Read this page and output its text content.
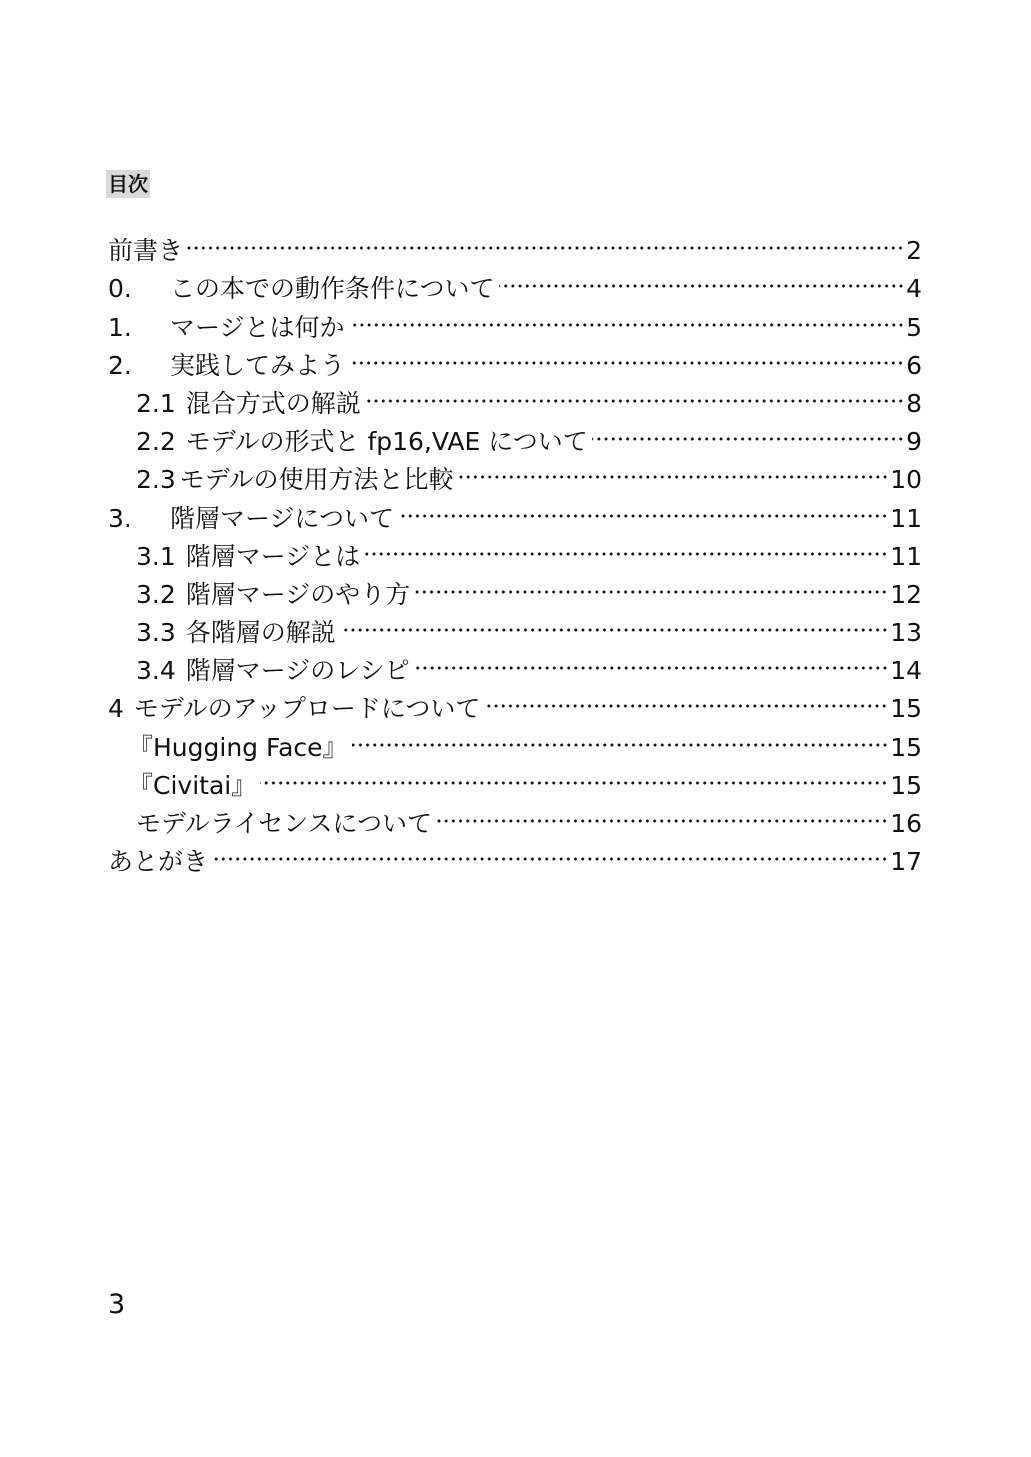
目次
前書き	2
0.	この本での動作条件について	4
1.	マージとは何か	5
2.	実践してみよう	6
2.1 混合方式の解説	8
2.2 モデルの形式と fp16,VAE について	9
2.3 モデルの使用方法と比較	10
3.	階層マージについて	11
3.1 階層マージとは	11
3.2 階層マージのやり方	12
3.3 各階層の解説	13
3.4 階層マージのレシピ	14
4 モデルのアップロードについて	15
『Hugging Face』	15
『Civitai』	15
モデルライセンスについて	16
あとがき	17
3
